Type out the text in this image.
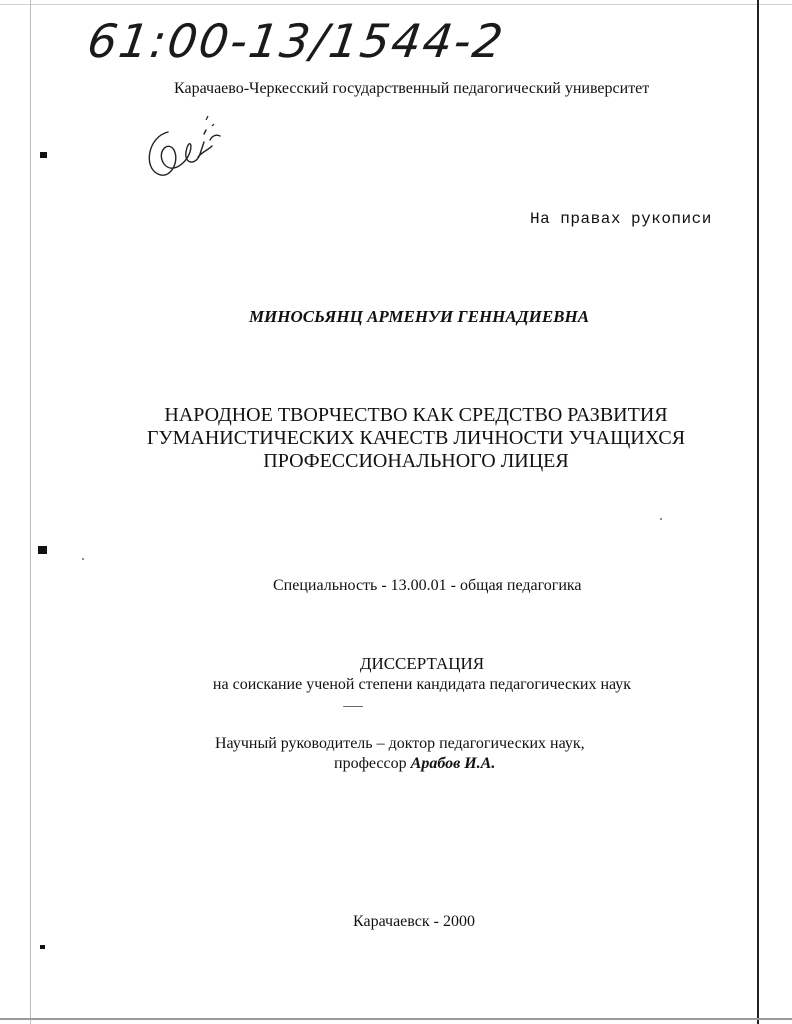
61:00-13/1544-2
Карачаево-Черкесский государственный педагогический университет
На правах рукописи
МИНОСЬЯНЦ АРМЕНУИ ГЕННАДИЕВНА
НАРОДНОЕ ТВОРЧЕСТВО КАК СРЕДСТВО РАЗВИТИЯ
ГУМАНИСТИЧЕСКИХ КАЧЕСТВ ЛИЧНОСТИ УЧАЩИХСЯ
ПРОФЕССИОНАЛЬНОГО ЛИЦЕЯ
Специальность - 13.00.01 - общая педагогика
ДИССЕРТАЦИЯ
на соискание ученой степени кандидата педагогических наук
Научный руководитель – доктор педагогических наук,
профессор Арабов И.А.
Карачаевск - 2000
